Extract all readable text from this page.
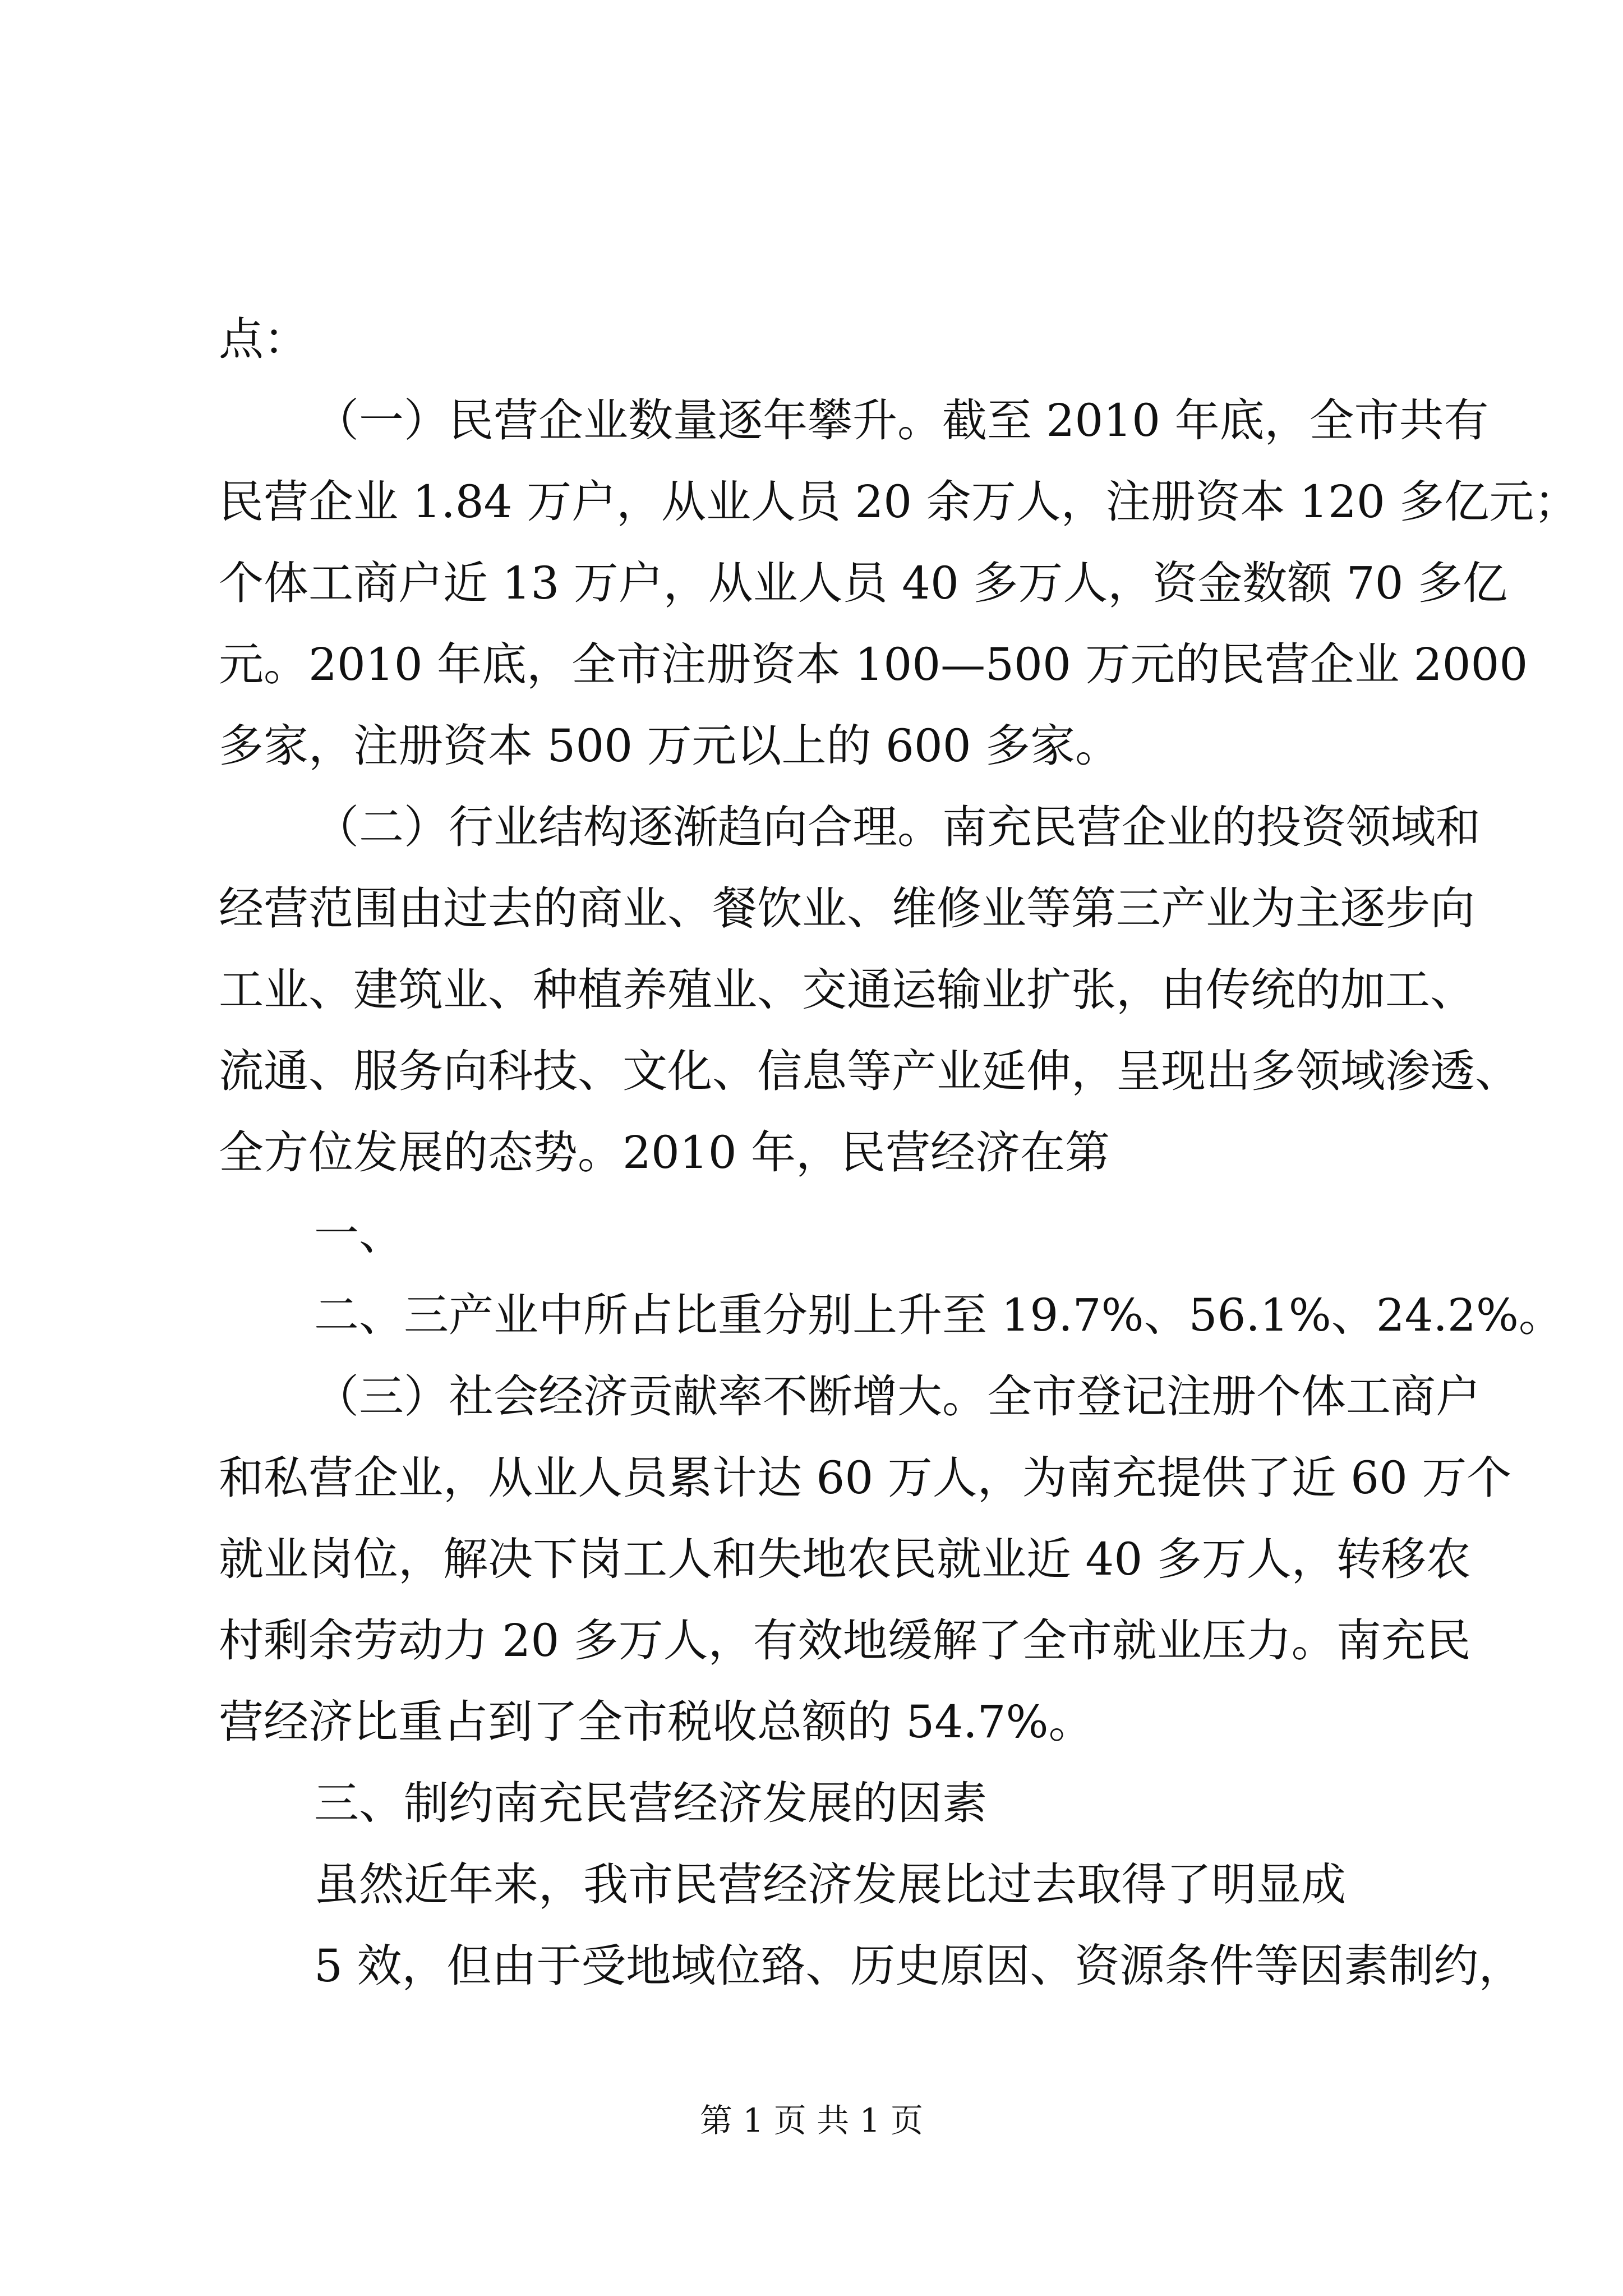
点：
（一）民营企业数量逐年攀升。截至 2010 年底，全市共有
民营企业 1.84 万户，从业人员 20 余万人，注册资本 120 多亿元；
个体工商户近 13 万户，从业人员 40 多万人，资金数额 70 多亿
元。2010 年底，全市注册资本 100—500 万元的民营企业 2000
多家，注册资本 500 万元以上的 600 多家。
（二）行业结构逐渐趋向合理。南充民营企业的投资领域和
经营范围由过去的商业、餐饮业、维修业等第三产业为主逐步向
工业、建筑业、种植养殖业、交通运输业扩张，由传统的加工、
流通、服务向科技、文化、信息等产业延伸，呈现出多领域渗透、
全方位发展的态势。2010 年，民营经济在第
一、
二、三产业中所占比重分别上升至 19.7%、56.1%、24.2%。
（三）社会经济贡献率不断增大。全市登记注册个体工商户
和私营企业，从业人员累计达 60 万人，为南充提供了近 60 万个
就业岗位，解决下岗工人和失地农民就业近 40 多万人，转移农
村剩余劳动力 20 多万人，有效地缓解了全市就业压力。南充民
营经济比重占到了全市税收总额的 54.7%。
三、制约南充民营经济发展的因素
虽然近年来，我市民营经济发展比过去取得了明显成
5 效，但由于受地域位臵、历史原因、资源条件等因素制约，
第 1 页 共 1 页
